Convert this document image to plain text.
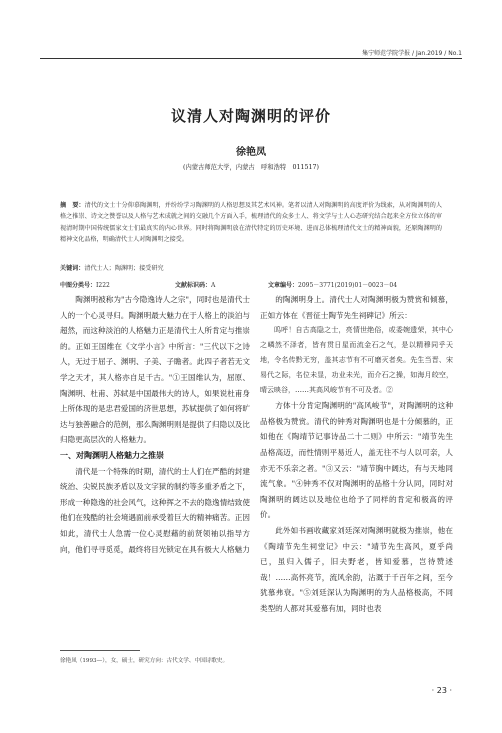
集宁师范学院学报 / Jan.2019 / No.1
议清人对陶渊明的评价
徐艳凤
(内蒙古师范大学，内蒙古　呼和浩特　011517)
摘　要：清代的文士十分仰慕陶渊明，并纷纷学习陶渊明的人格思想及其艺术风神。笔者以清人对陶渊明的高度评价为线索，从对陶渊明的人格之推崇、诗文之赞誉以及人格与艺术成就之间的交融几个方面入手，梳理清代的众多士人、将文学与士人心态研究结合起来全方位立体的审视清时期中国传统儒家文士们最真实的内心世界。同时将陶渊明放在清代特定的历史环境、进而总体梳理清代文士的精神面貌，还原陶渊明的精神文化品格，明确清代士人对陶渊明之接受。
关键词：清代士人；陶渊明；接受研究
中图分类号：I222	文献标识码：A	文章编号：2095－3771(2019)01－0023－04

陶渊明被称为"古今隐逸诗人之宗"，同时也是清代士人的一个心灵寻归。陶渊明最大魅力在于人格上的淡泊与超然，而这种淡泊的人格魅力正是清代士人所肯定与推崇的。正如王国维在《文学小言》中所言："三代以下之诗人，无过于屈子、渊明、子美、子瞻者。此四子者若无文学之天才，其人格亦自足千古。"①王国维认为，屈原、陶渊明、杜甫、苏轼是中国最伟大的诗人，如果说杜甫身上所体现的是忠君爱国的济世思想，苏轼提供了如何将旷达与独善融合的范例，那么陶渊明则是提供了归隐以及比归隐更高层次的人格魅力。

一、对陶渊明人格魅力之推崇

清代是一个特殊的时期，清代的士人们在严酷的封建统治、尖锐民族矛盾以及文字狱的制约等多重矛盾之下，形成一种隐逸的社会风气，这种挥之不去的隐逸情结致使他们在残酷的社会境遇面前承受着巨大的精神痛苦。正因如此，清代士人急需一位心灵慰藉的前贤领袖以指导方向，他们寻寻觅觅，最终将目光锁定在具有极大人格魅力

的陶渊明身上。清代士人对陶渊明极为赞赏和倾慕，正如方体在《晋征士陶节先生祠碑记》所云：

呜呼！自古高隐之士，亮情世绝俗，或委婉遗荣，其中心之嶙然不泽者，皆有贯日星而流金石之气，是以精穆同乎天地，令名传黔无穷，盖其志节有不可磨灭者矣。先生当晋、宋易代之际，名位未显，功业未光，而介石之操，如海月皎空，晴云映谷，……其高风峻节有不可及者。②

方体十分肯定陶渊明的"高风峻节"，对陶渊明的这种品格极为赞赏。清代的钟秀对陶渊明也是十分倾慕的，正如他在《陶靖节记事诗品二十二则》中所云："靖节先生品格高迈，而性情则平易近人，盖无往不与人以可亲，人亦无不乐亲之者。"③又云："靖节胸中阔达，有与天地同流气象。"④钟秀不仅对陶渊明的品格十分认同，同时对陶渊明的阔达以及地位也给予了同样的肯定和极高的评价。

此外如书画收藏家刘廷深对陶渊明就极为推崇，他在《陶靖节先生祠堂记》中云："靖节先生高风，夏乎尚已，虽归入儒子，旧夫野老，皆知爱慕，岂待赞述哉！……高怀亮节，流风余韵，沾溉于千百年之间，至今犹慕弗衰。"⑤刘廷深认为陶渊明的为人品格极高，不同类型的人都对其爱慕有加，同时也表

徐艳凤（1993—），女，硕士，研究方向：古代文学、中国诗歌史。
· 23 ·
